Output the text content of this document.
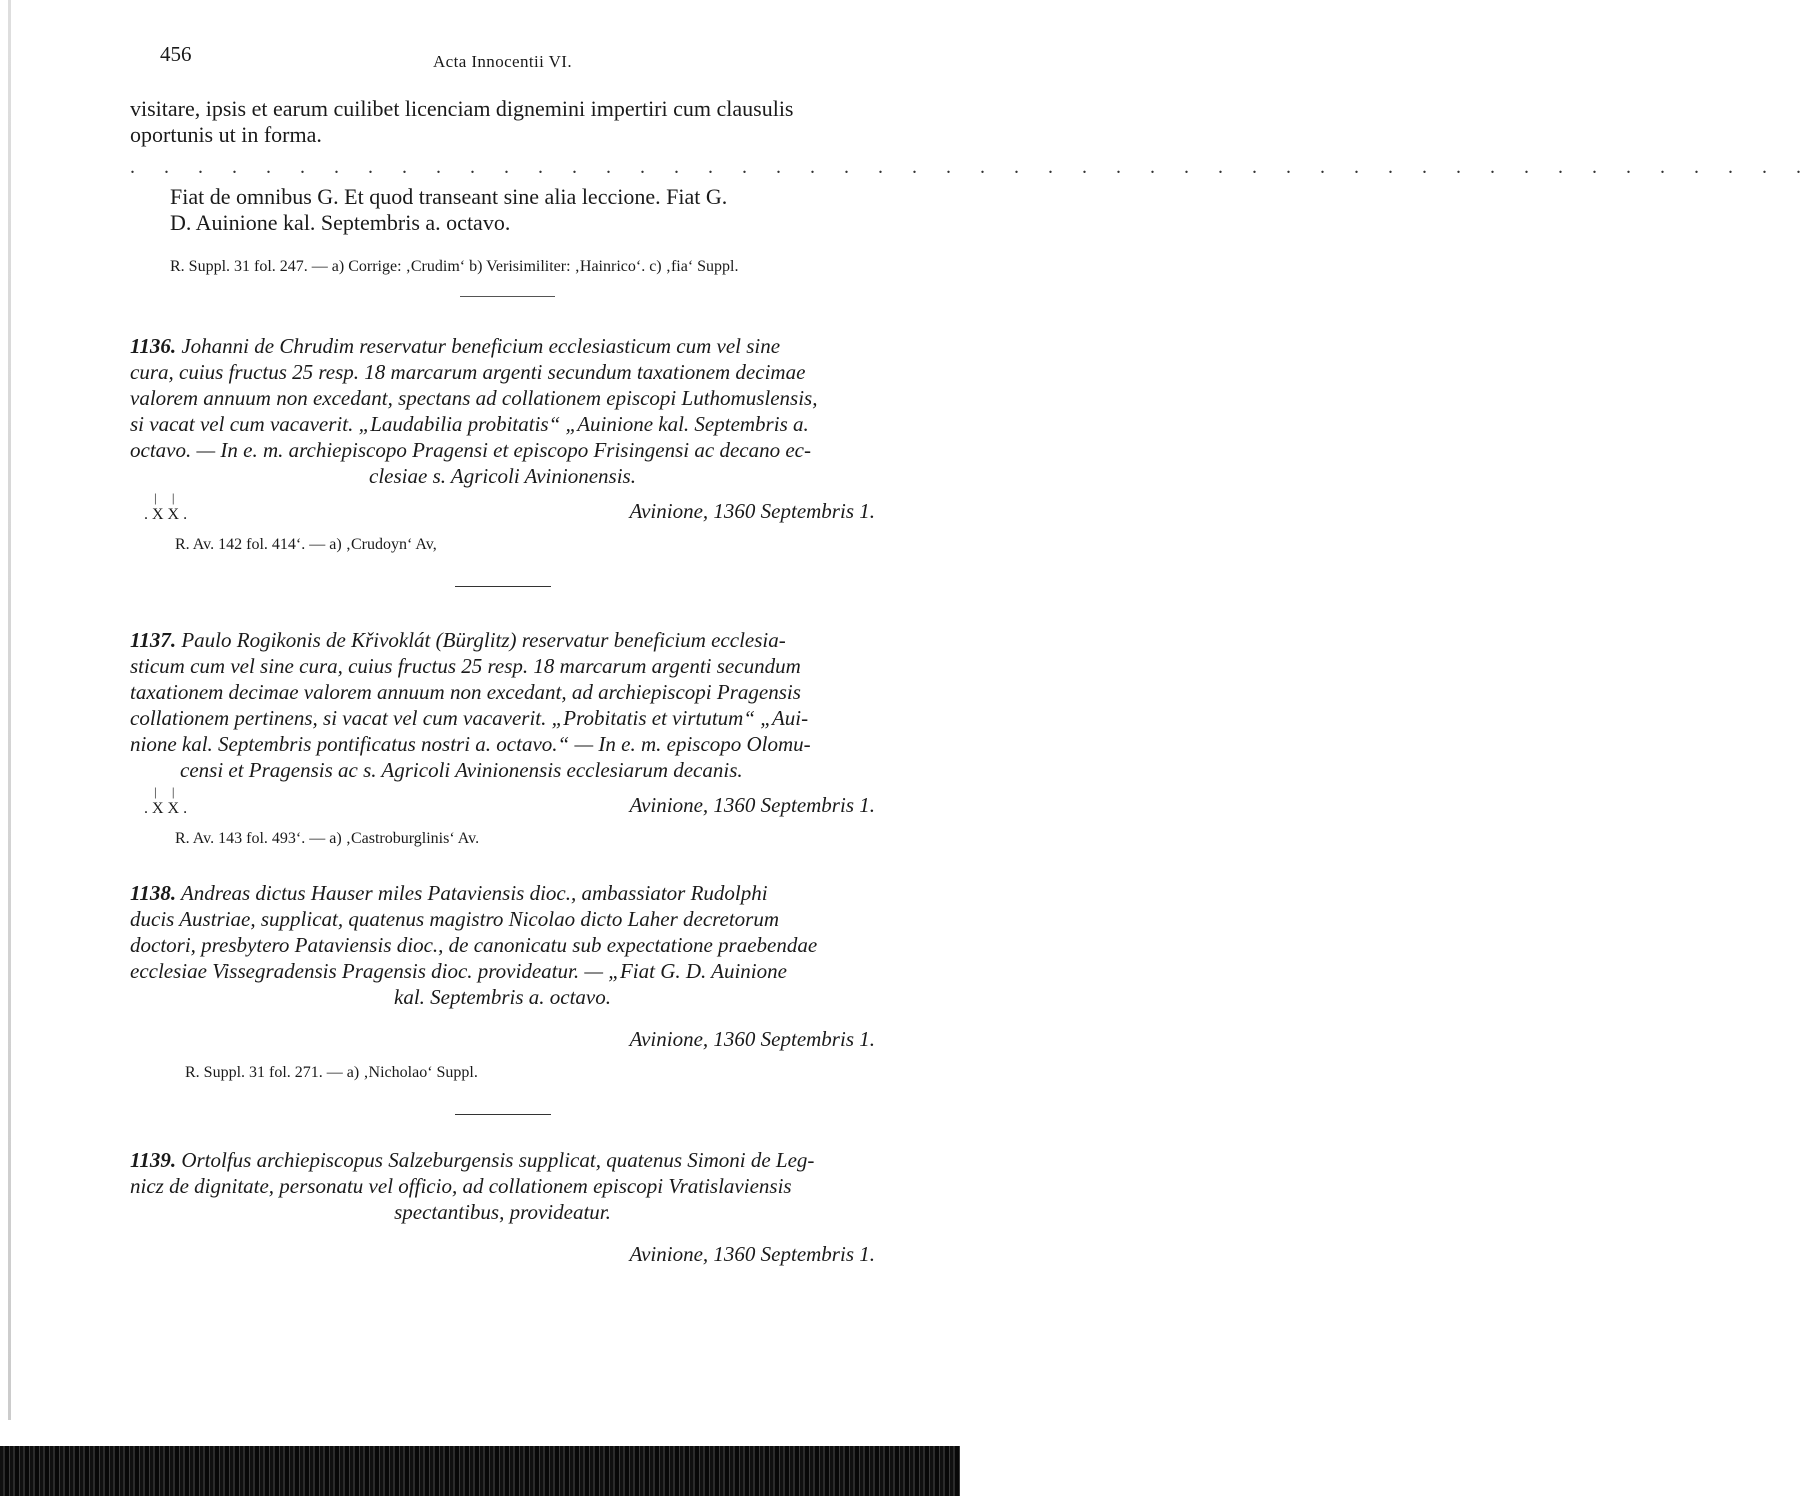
456	Acta Innocentii VI.

visitare, ipsis et earum cuilibet licenciam dignemini impertiri cum clausulis

oportunis ut in forma.

. . . . . . . . . . . . . . . . . . . . . . . . . . . . . . . . . . . . . . . . . . . . . . . . . .

Fiat de omnibus G. Et quod transeant sine alia leccione. Fiat G.

D. Auinione kal. Septembris a. octavo.

R. Suppl. 31 fol. 247. — a) Corrige: ‚Crudim‘ b) Verisimiliter: ‚Hainrico‘. c) ‚fia‘ Suppl.

1136. Johanni de Chrudim reservatur beneficium ecclesiasticum cum vel sine

cura, cuius fructus 25 resp. 18 marcarum argenti secundum taxationem decimae

valorem annuum non excedant, spectans ad collationem episcopi Luthomuslensis,

si vacat vel cum vacaverit. „Laudabilia probitatis“ „Auinione kal. Septembris a.

octavo. — In e. m. archiepiscopo Pragensi et episcopo Frisingensi ac decano ec-

clesiae s. Agricoli Avinionensis.

| |
. X X .	Avinione, 1360 Septembris 1.

R. Av. 142 fol. 414‘. — a) ‚Crudoyn‘ Av,

1137. Paulo Rogikonis de Křivoklát (Bürglitz) reservatur beneficium ecclesia-

sticum cum vel sine cura, cuius fructus 25 resp. 18 marcarum argenti secundum

taxationem decimae valorem annuum non excedant, ad archiepiscopi Pragensis

collationem pertinens, si vacat vel cum vacaverit. „Probitatis et virtutum“ „Aui-

nione kal. Septembris pontificatus nostri a. octavo.“ — In e. m. episcopo Olomu-

censi et Pragensis ac s. Agricoli Avinionensis ecclesiarum decanis.

| |
. X X .	Avinione, 1360 Septembris 1.

R. Av. 143 fol. 493‘. — a) ‚Castroburglinis‘ Av.

1138. Andreas dictus Hauser miles Pataviensis dioc., ambassiator Rudolphi

ducis Austriae, supplicat, quatenus magistro Nicolao dicto Laher decretorum

doctori, presbytero Pataviensis dioc., de canonicatu sub expectatione praebendae

ecclesiae Vissegradensis Pragensis dioc. provideatur. — „Fiat G. D. Auinione

kal. Septembris a. octavo.

Avinione, 1360 Septembris 1.

R. Suppl. 31 fol. 271. — a) ‚Nicholao‘ Suppl.

1139. Ortolfus archiepiscopus Salzeburgensis supplicat, quatenus Simoni de Leg-

nicz de dignitate, personatu vel officio, ad collationem episcopi Vratislaviensis

spectantibus, provideatur.

Avinione, 1360 Septembris 1.
